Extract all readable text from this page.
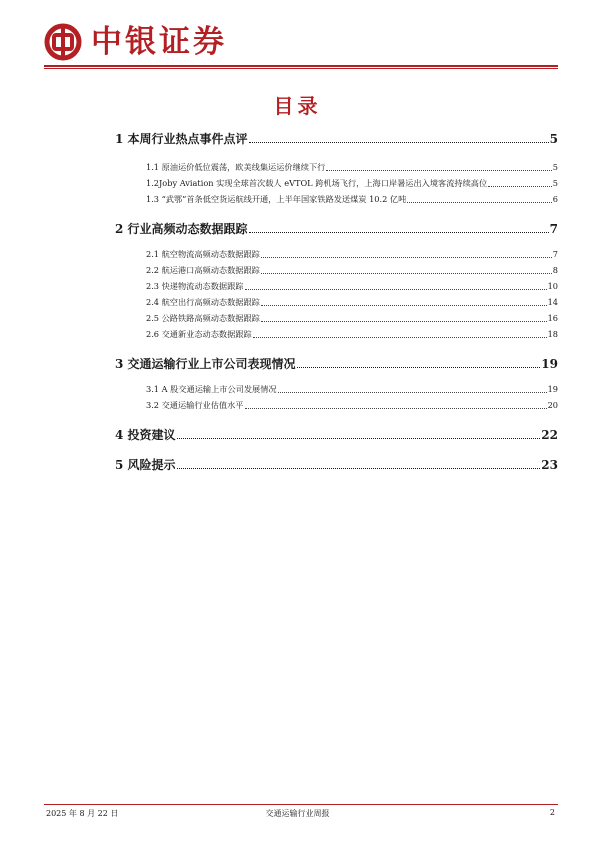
中银证券
目录
1 本周行业热点事件点评	5
1.1 原油运价低位震荡，欧美线集运运价继续下行	5
1.2Joby Aviation 实现全球首次载人 eVTOL 跨机场飞行，上海口岸暑运出入境客流持续高位	5
1.3 “武鄂”首条低空货运航线开通，上半年国家铁路发送煤炭 10.2 亿吨	6
2 行业高频动态数据跟踪	7
2.1 航空物流高频动态数据跟踪	7
2.2 航运港口高频动态数据跟踪	8
2.3 快递物流动态数据跟踪	10
2.4 航空出行高频动态数据跟踪	14
2.5 公路铁路高频动态数据跟踪	16
2.6 交通新业态动态数据跟踪	18
3 交通运输行业上市公司表现情况	19
3.1 A 股交通运输上市公司发展情况	19
3.2 交通运输行业估值水平	20
4 投资建议	22
5 风险提示	23
2025 年 8 月 22 日	交通运输行业周报	2
